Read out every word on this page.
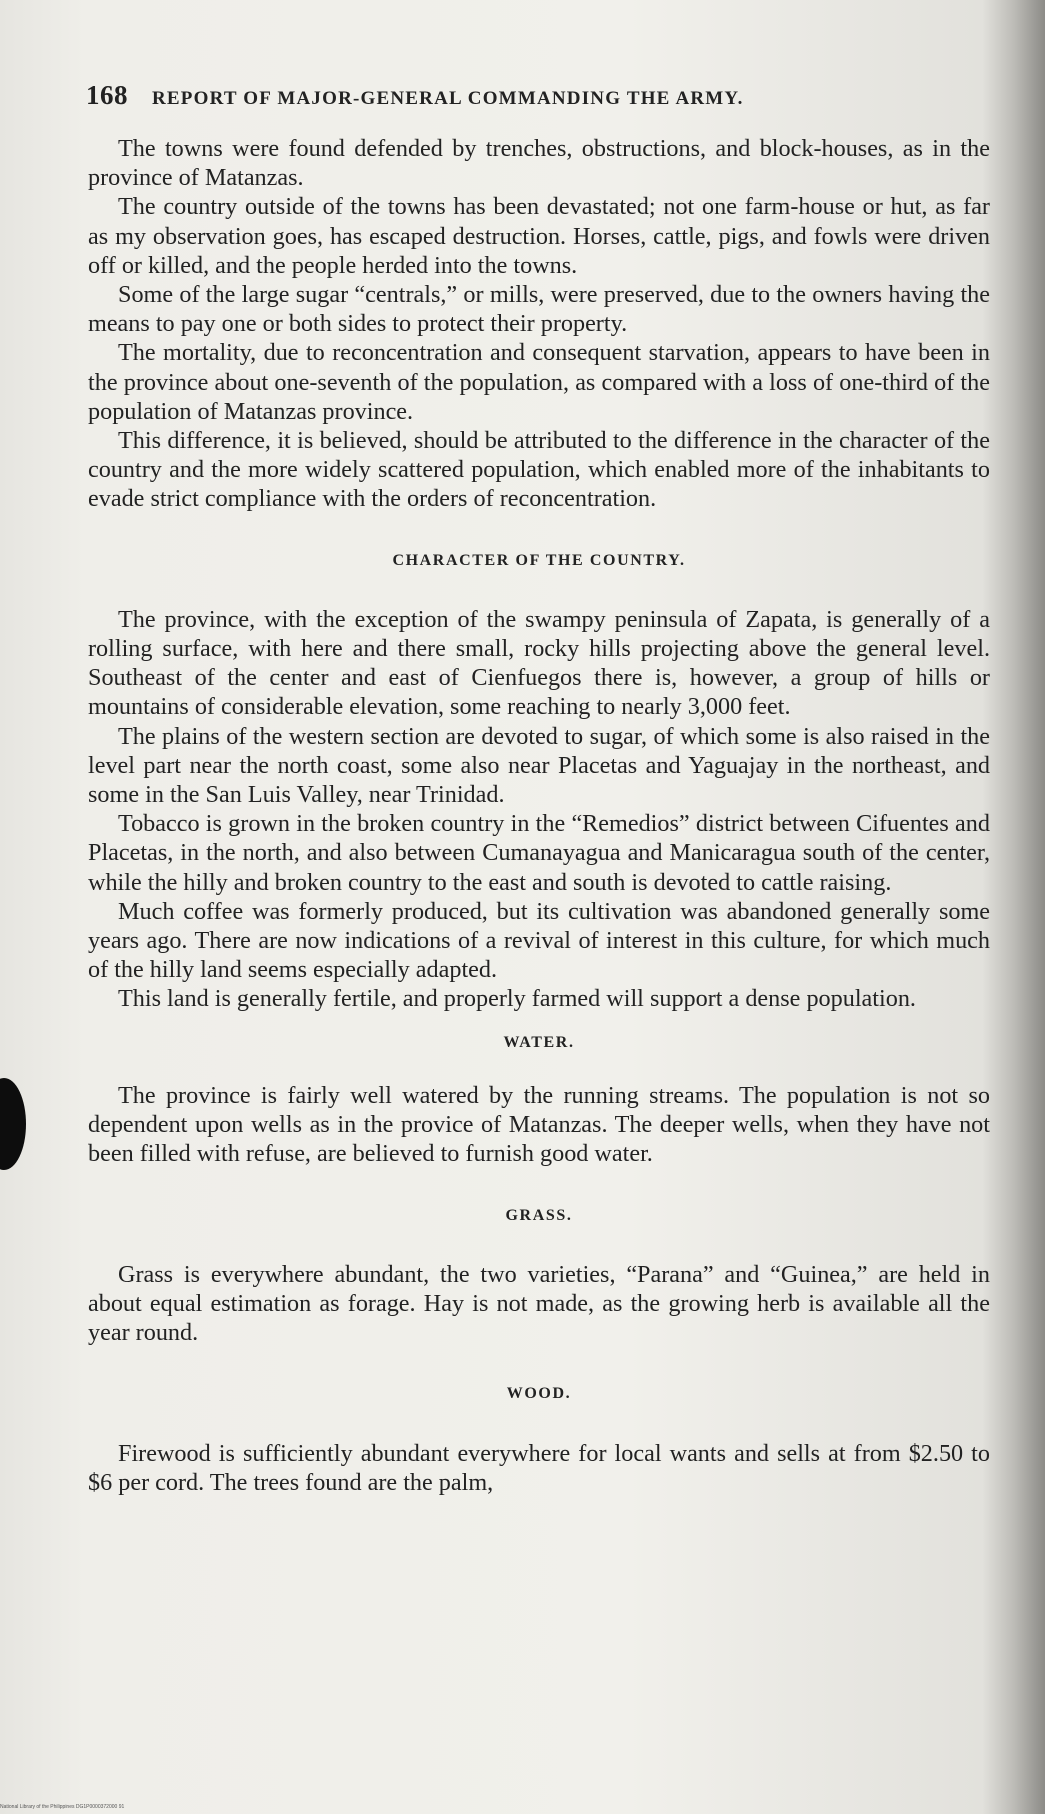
168 REPORT OF MAJOR-GENERAL COMMANDING THE ARMY.

The towns were found defended by trenches, obstructions, and block-houses, as in the province of Matanzas.

The country outside of the towns has been devastated; not one farm-house or hut, as far as my observation goes, has escaped destruction. Horses, cattle, pigs, and fowls were driven off or killed, and the people herded into the towns.

Some of the large sugar “centrals,” or mills, were preserved, due to the owners having the means to pay one or both sides to protect their property.

The mortality, due to reconcentration and consequent starvation, appears to have been in the province about one-seventh of the population, as compared with a loss of one-third of the population of Matanzas province.

This difference, it is believed, should be attributed to the difference in the character of the country and the more widely scattered population, which enabled more of the inhabitants to evade strict compliance with the orders of reconcentration.

CHARACTER OF THE COUNTRY.

The province, with the exception of the swampy peninsula of Zapata, is generally of a rolling surface, with here and there small, rocky hills projecting above the general level. Southeast of the center and east of Cienfuegos there is, however, a group of hills or mountains of considerable elevation, some reaching to nearly 3,000 feet.

The plains of the western section are devoted to sugar, of which some is also raised in the level part near the north coast, some also near Placetas and Yaguajay in the northeast, and some in the San Luis Valley, near Trinidad.

Tobacco is grown in the broken country in the “Remedios” district between Cifuentes and Placetas, in the north, and also between Cumanayagua and Manicaragua south of the center, while the hilly and broken country to the east and south is devoted to cattle raising.

Much coffee was formerly produced, but its cultivation was abandoned generally some years ago. There are now indications of a revival of interest in this culture, for which much of the hilly land seems especially adapted.

This land is generally fertile, and properly farmed will support a dense population.

WATER.

The province is fairly well watered by the running streams. The population is not so dependent upon wells as in the provice of Matanzas. The deeper wells, when they have not been filled with refuse, are believed to furnish good water.

GRASS.

Grass is everywhere abundant, the two varieties, “Parana” and “Guinea,” are held in about equal estimation as forage. Hay is not made, as the growing herb is available all the year round.

WOOD.

Firewood is sufficiently abundant everywhere for local wants and sells at from $2.50 to $6 per cord. The trees found are the palm,

National Library of the Philippines DG1P0000372000 91
